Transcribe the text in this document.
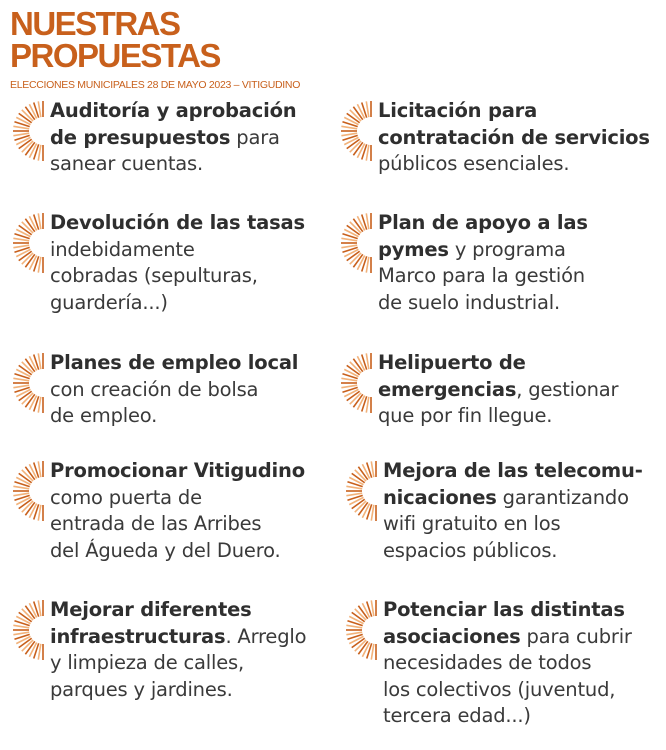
NUESTRAS
PROPUESTAS
ELECCIONES MUNICIPALES 28 DE MAYO 2023 – VITIGUDINO
Auditoría y aprobación
de presupuestos para
sanear cuentas.
Licitación para
contratación de servicios
públicos esenciales.
Devolución de las tasas
indebidamente
cobradas (sepulturas,
guardería...)
Plan de apoyo a las
pymes y programa
Marco para la gestión
de suelo industrial.
Planes de empleo local
con creación de bolsa
de empleo.
Helipuerto de
emergencias, gestionar
que por fin llegue.
Promocionar Vitigudino
como puerta de
entrada de las Arribes
del Águeda y del Duero.
Mejora de las telecomu-
nicaciones garantizando
wifi gratuito en los
espacios públicos.
Mejorar diferentes
infraestructuras. Arreglo
y limpieza de calles,
parques y jardines.
Potenciar las distintas
asociaciones para cubrir
necesidades de todos
los colectivos (juventud,
tercera edad...)
